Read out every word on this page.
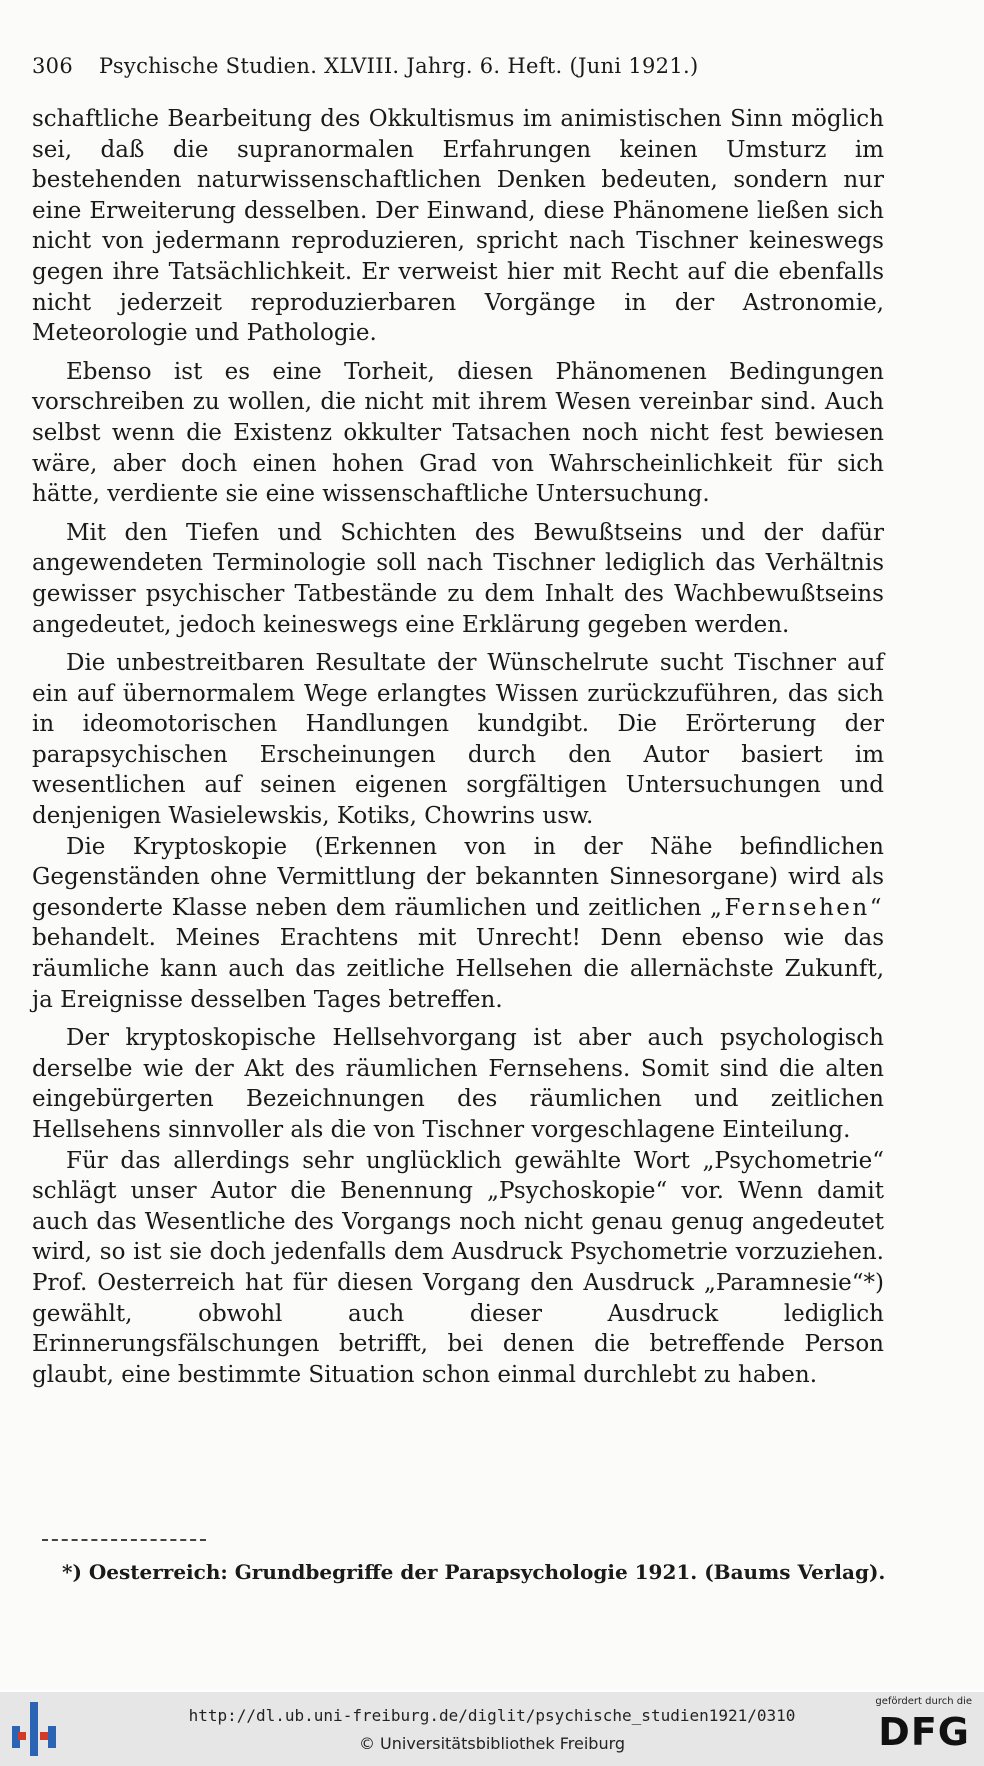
306 Psychische Studien. XLVIII. Jahrg. 6. Heft. (Juni 1921.)

schaftliche Bearbeitung des Okkultismus im animistischen Sinn möglich sei, daß die supranormalen Erfahrungen keinen Umsturz im bestehenden naturwissenschaftlichen Denken bedeuten, sondern nur eine Erweiterung desselben. Der Einwand, diese Phänomene ließen sich nicht von jedermann reproduzieren, spricht nach Tischner keineswegs gegen ihre Tatsächlichkeit. Er verweist hier mit Recht auf die ebenfalls nicht jederzeit reproduzierbaren Vorgänge in der Astronomie, Meteorologie und Pathologie.

Ebenso ist es eine Torheit, diesen Phänomenen Bedingungen vorschreiben zu wollen, die nicht mit ihrem Wesen vereinbar sind. Auch selbst wenn die Existenz okkulter Tatsachen noch nicht fest bewiesen wäre, aber doch einen hohen Grad von Wahrscheinlichkeit für sich hätte, verdiente sie eine wissenschaftliche Untersuchung.

Mit den Tiefen und Schichten des Bewußtseins und der dafür angewendeten Terminologie soll nach Tischner lediglich das Verhältnis gewisser psychischer Tatbestände zu dem Inhalt des Wachbewußtseins angedeutet, jedoch keineswegs eine Erklärung gegeben werden.

Die unbestreitbaren Resultate der Wünschelrute sucht Tischner auf ein auf übernormalem Wege erlangtes Wissen zurückzuführen, das sich in ideomotorischen Handlungen kundgibt. Die Erörterung der parapsychischen Erscheinungen durch den Autor basiert im wesentlichen auf seinen eigenen sorgfältigen Untersuchungen und denjenigen Wasielewskis, Kotiks, Chowrins usw.

Die Kryptoskopie (Erkennen von in der Nähe befindlichen Gegenständen ohne Vermittlung der bekannten Sinnesorgane) wird als gesonderte Klasse neben dem räumlichen und zeitlichen „Fernsehen“ behandelt. Meines Erachtens mit Unrecht! Denn ebenso wie das räumliche kann auch das zeitliche Hellsehen die allernächste Zukunft, ja Ereignisse desselben Tages betreffen.

Der kryptoskopische Hellsehvorgang ist aber auch psychologisch derselbe wie der Akt des räumlichen Fernsehens. Somit sind die alten eingebürgerten Bezeichnungen des räumlichen und zeitlichen Hellsehens sinnvoller als die von Tischner vorgeschlagene Einteilung.

Für das allerdings sehr unglücklich gewählte Wort „Psychometrie“ schlägt unser Autor die Benennung „Psychoskopie“ vor. Wenn damit auch das Wesentliche des Vorgangs noch nicht genau genug angedeutet wird, so ist sie doch jedenfalls dem Ausdruck Psychometrie vorzuziehen. Prof. Oesterreich hat für diesen Vorgang den Ausdruck „Paramnesie“*) gewählt, obwohl auch dieser Ausdruck lediglich Erinnerungsfälschungen betrifft, bei denen die betreffende Person glaubt, eine bestimmte Situation schon einmal durchlebt zu haben.

*) Oesterreich: Grundbegriffe der Parapsychologie 1921. (Baums Verlag).
http://dl.ub.uni-freiburg.de/diglit/psychische_studien1921/0310
© Universitätsbibliothek Freiburg
gefördert durch die
DFG
